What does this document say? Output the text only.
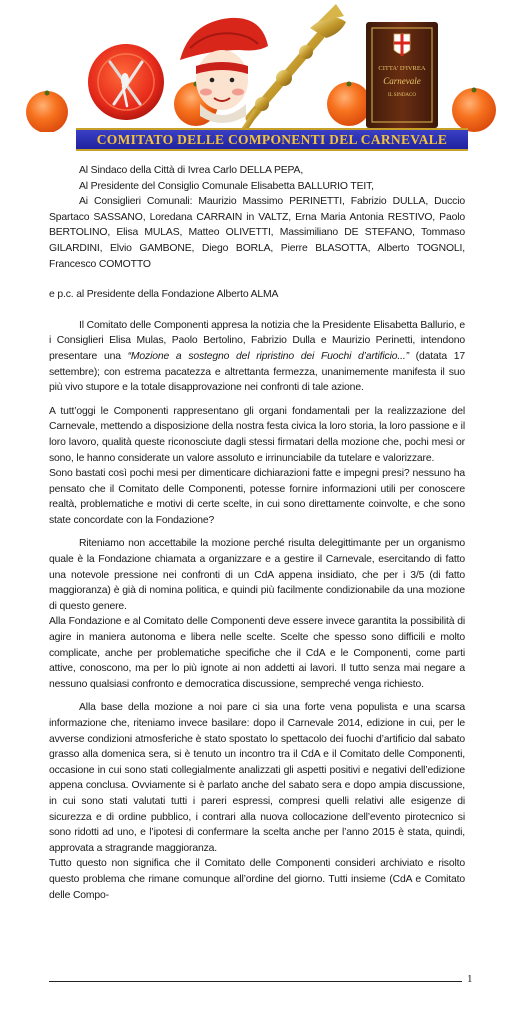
CITTA' D'IVREA
Carnevale
IL SINDACO
COMITATO DELLE COMPONENTI DEL CARNEVALE

Al Sindaco della Città di Ivrea Carlo DELLA PEPA,

Al Presidente del Consiglio Comunale Elisabetta BALLURIO TEIT,

Ai Consiglieri Comunali: Maurizio Massimo PERINETTI, Fabrizio DULLA, Duccio Spartaco SASSANO, Loredana CARRAIN in VALTZ, Erna Maria Antonia RESTIVO, Paolo BERTOLINO, Elisa MULAS, Matteo OLIVETTI, Massimiliano DE STEFANO, Tommaso GILARDINI, Elvio GAMBONE, Diego BORLA, Pierre BLASOTTA, Alberto TOGNOLI, Francesco COMOTTO

e p.c. al Presidente della Fondazione Alberto ALMA

Il Comitato delle Componenti appresa la notizia che la Presidente Elisabetta Ballurio, e i Consiglieri Elisa Mulas, Paolo Bertolino, Fabrizio Dulla e Maurizio Perinetti, intendono presentare una “Mozione a sostegno del ripristino dei Fuochi d’artificio...” (datata 17 settembre); con estrema pacatezza e altrettanta fermezza, unanimemente manifesta il suo più vivo stupore e la totale disapprovazione nei confronti di tale azione.

A tutt’oggi le Componenti rappresentano gli organi fondamentali per la realizzazione del Carnevale, mettendo a disposizione della nostra festa civica la loro storia, la loro passione e il loro lavoro, qualità queste riconosciute dagli stessi firmatari della mozione che, pochi mesi or sono, le hanno considerate un valore assoluto e irrinunciabile da tutelare e valorizzare.

Sono bastati così pochi mesi per dimenticare dichiarazioni fatte e impegni presi? nessuno ha pensato che il Comitato delle Componenti, potesse fornire informazioni utili per conoscere realtà, problematiche e motivi di certe scelte, in cui sono direttamente coinvolte, e che sono state concordate con la Fondazione?

Riteniamo non accettabile la mozione perché risulta delegittimante per un organismo quale è la Fondazione chiamata a organizzare e a gestire il Carnevale, esercitando di fatto una notevole pressione nei confronti di un CdA appena insidiato, che per i 3/5 (di fatto maggioranza) è già di nomina politica, e quindi più facilmente condizionabile da una mozione di questo genere.

Alla Fondazione e al Comitato delle Componenti deve essere invece garantita la possibilità di agire in maniera autonoma e libera nelle scelte. Scelte che spesso sono difficili e molto complicate, anche per problematiche specifiche che il CdA e le Componenti, come parti attive, conoscono, ma per lo più ignote ai non addetti ai lavori. Il tutto senza mai negare a nessuno qualsiasi confronto e democratica discussione, sempreché venga richiesto.

Alla base della mozione a noi pare ci sia una forte vena populista e una scarsa informazione che, riteniamo invece basilare: dopo il Carnevale 2014, edizione in cui, per le avverse condizioni atmosferiche è stato spostato lo spettacolo dei fuochi d’artificio dal sabato grasso alla domenica sera, si è tenuto un incontro tra il CdA e il Comitato delle Componenti, occasione in cui sono stati collegialmente analizzati gli aspetti positivi e negativi dell’edizione appena conclusa. Ovviamente si è parlato anche del sabato sera e dopo ampia discussione, in cui sono stati valutati tutti i pareri espressi, compresi quelli relativi alle esigenze di sicurezza e di ordine pubblico, i contrari alla nuova collocazione dell’evento pirotecnico si sono ridotti ad uno, e l’ipotesi di confermare la scelta anche per l’anno 2015 è stata, quindi, approvata a stragrande maggioranza.

Tutto questo non significa che il Comitato delle Componenti consideri archiviato e risolto questo problema che rimane comunque all’ordine del giorno. Tutti insieme (CdA e Comitato delle Compo-

1
